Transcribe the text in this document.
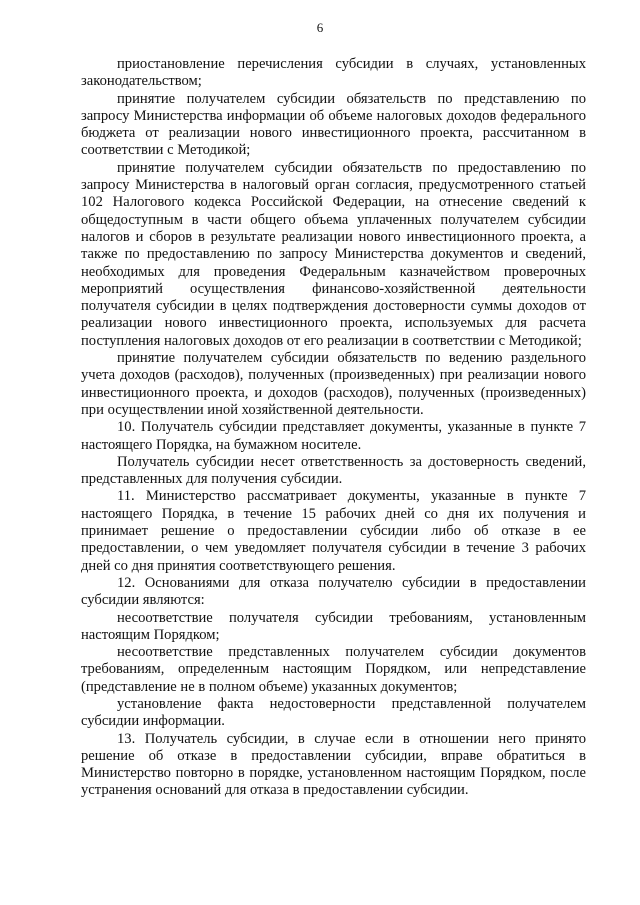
6

приостановление перечисления субсидии в случаях, установленных законодательством;

принятие получателем субсидии обязательств по представлению по запросу Министерства информации об объеме налоговых доходов федерального бюджета от реализации нового инвестиционного проекта, рассчитанном в соответствии с Методикой;

принятие получателем субсидии обязательств по предоставлению по запросу Министерства в налоговый орган согласия, предусмотренного статьей 102 Налогового кодекса Российской Федерации, на отнесение сведений к общедоступным в части общего объема уплаченных получателем субсидии налогов и сборов в результате реализации нового инвестиционного проекта, а также по предоставлению по запросу Министерства документов и сведений, необходимых для проведения Федеральным казначейством проверочных мероприятий осуществления финансово-хозяйственной деятельности получателя субсидии в целях подтверждения достоверности суммы доходов от реализации нового инвестиционного проекта, используемых для расчета поступления налоговых доходов от его реализации в соответствии с Методикой;

принятие получателем субсидии обязательств по ведению раздельного учета доходов (расходов), полученных (произведенных) при реализации нового инвестиционного проекта, и доходов (расходов), полученных (произведенных) при осуществлении иной хозяйственной деятельности.

10. Получатель субсидии представляет документы, указанные в пункте 7 настоящего Порядка, на бумажном носителе.

Получатель субсидии несет ответственность за достоверность сведений, представленных для получения субсидии.

11. Министерство рассматривает документы, указанные в пункте 7 настоящего Порядка, в течение 15 рабочих дней со дня их получения и принимает решение о предоставлении субсидии либо об отказе в ее предоставлении, о чем уведомляет получателя субсидии в течение 3 рабочих дней со дня принятия соответствующего решения.

12. Основаниями для отказа получателю субсидии в предоставлении субсидии являются:

несоответствие получателя субсидии требованиям, установленным настоящим Порядком;

несоответствие представленных получателем субсидии документов требованиям, определенным настоящим Порядком, или непредставление (представление не в полном объеме) указанных документов;

установление факта недостоверности представленной получателем субсидии информации.

13. Получатель субсидии, в случае если в отношении него принято решение об отказе в предоставлении субсидии, вправе обратиться в Министерство повторно в порядке, установленном настоящим Порядком, после устранения оснований для отказа в предоставлении субсидии.
